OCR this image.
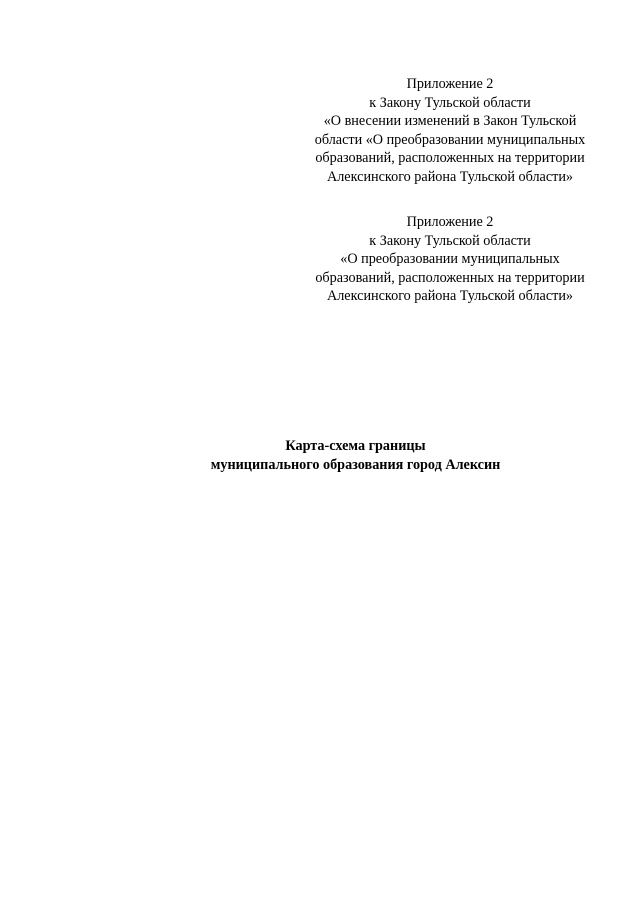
Приложение 2
к Закону Тульской области
«О внесении изменений в Закон Тульской
области «О преобразовании муниципальных
образований, расположенных на территории
Алексинского района Тульской области»
Приложение 2
к Закону Тульской области
«О преобразовании муниципальных
образований, расположенных на территории
Алексинского района Тульской области»
Карта-схема границы
муниципального образования город Алексин
